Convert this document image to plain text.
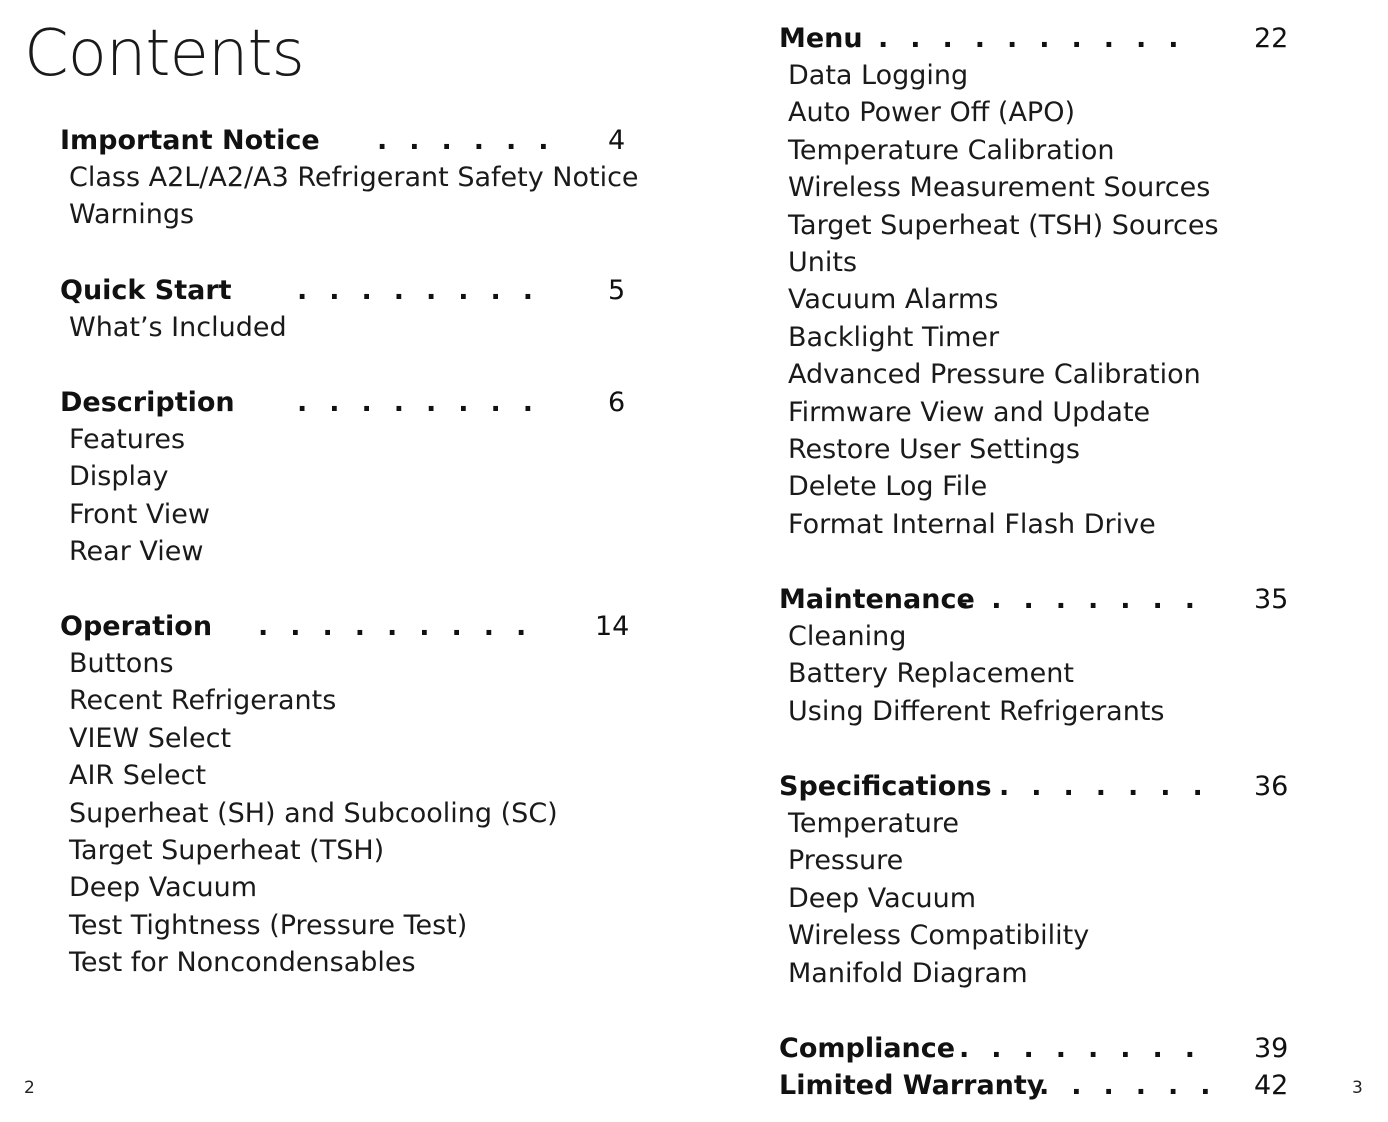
Contents
2	3
Important Notice ...... 4
Class A2L/A2/A3 Refrigerant Safety Notice
Warnings
Quick Start ........ 5
What’s Included
Description ........ 6
Features
Display
Front View
Rear View
Operation ......... 14
Buttons
Recent Refrigerants
VIEW Select
AIR Select
Superheat (SH) and Subcooling (SC)
Target Superheat (TSH)
Deep Vacuum
Test Tightness (Pressure Test)
Test for Noncondensables
Menu .......... 22
Data Logging
Auto Power Off (APO)
Temperature Calibration
Wireless Measurement Sources
Target Superheat (TSH) Sources
Units
Vacuum Alarms
Backlight Timer
Advanced Pressure Calibration
Firmware View and Update
Restore User Settings
Delete Log File
Format Internal Flash Drive
Maintenance
........ 35
Cleaning
Battery Replacement
Using Different Refrigerants
Specifications ....... 36
Temperature
Pressure
Deep Vacuum
Wireless Compatibility
Manifold Diagram
Compliance ........ 39
Limited Warranty
...... 42
